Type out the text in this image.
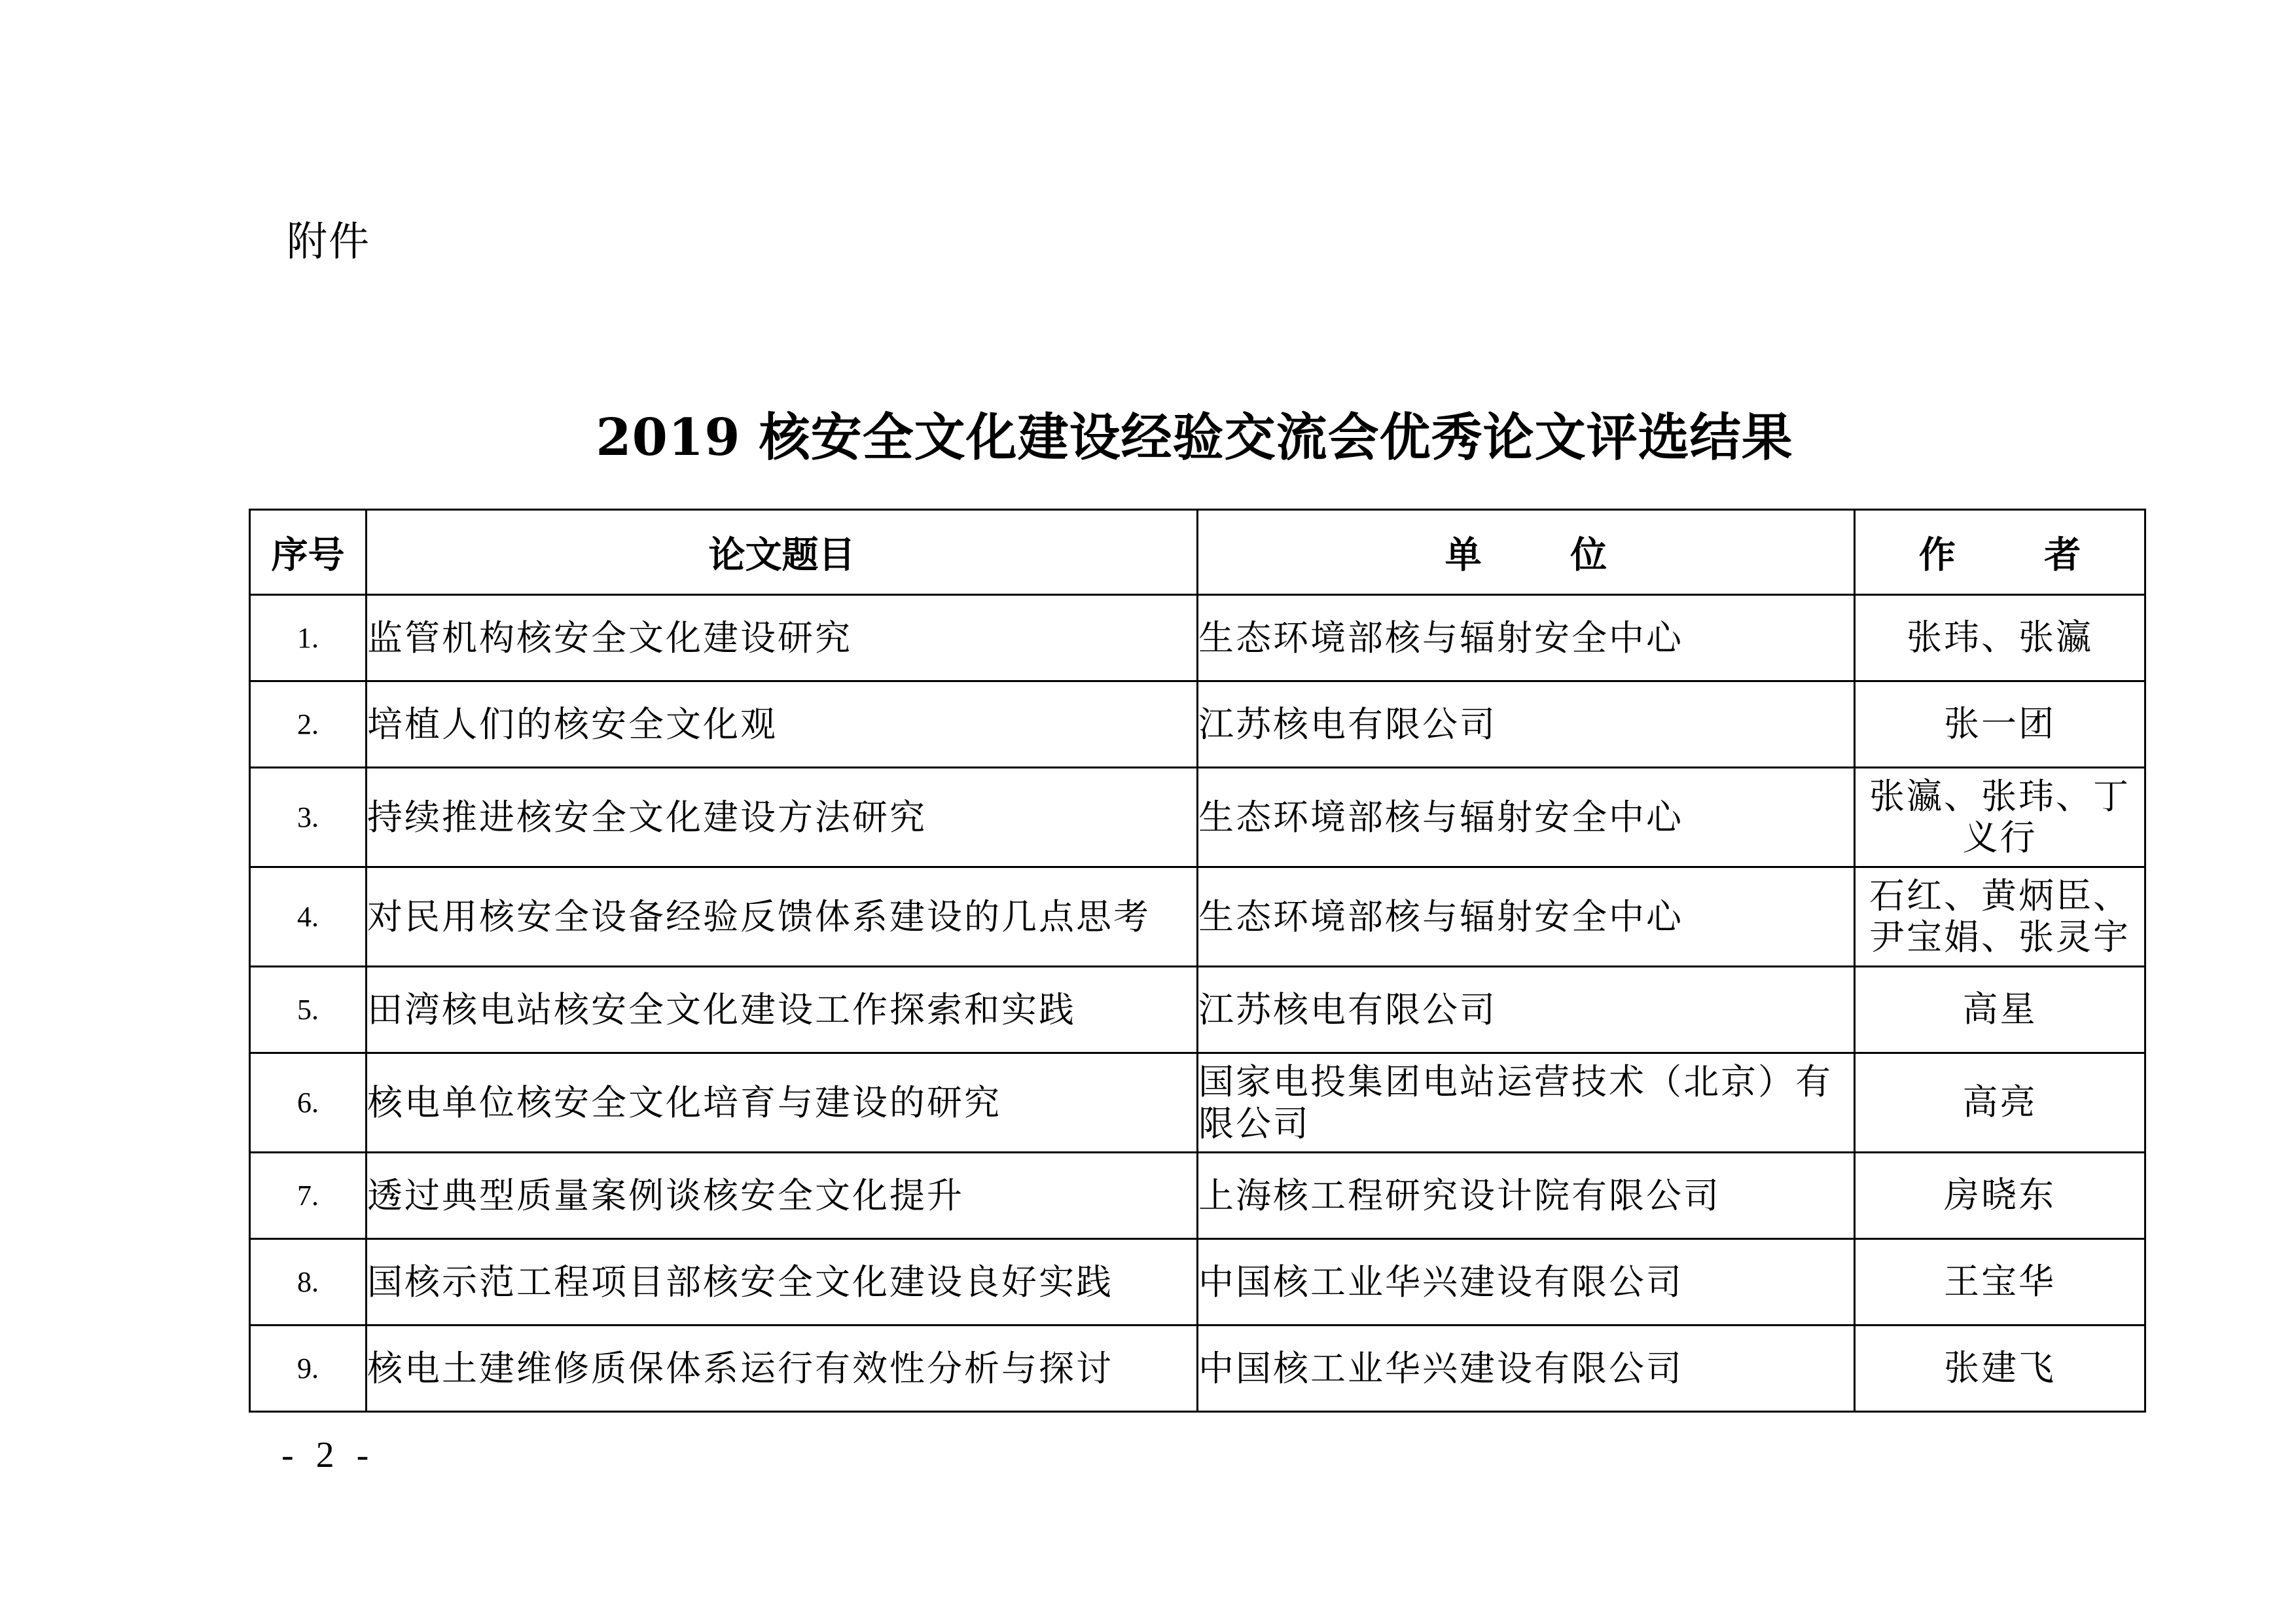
附件
2019 核安全文化建设经验交流会优秀论文评选结果
序号	论文题目	单 位	作 者
1.	监管机构核安全文化建设研究	生态环境部核与辐射安全中心	张玮、张瀛
2.	培植人们的核安全文化观	江苏核电有限公司	张一团
3.	持续推进核安全文化建设方法研究	生态环境部核与辐射安全中心	张瀛、张玮、丁义行
4.	对民用核安全设备经验反馈体系建设的几点思考	生态环境部核与辐射安全中心	石红、黄炳臣、尹宝娟、张灵宇
5.	田湾核电站核安全文化建设工作探索和实践	江苏核电有限公司	高星
6.	核电单位核安全文化培育与建设的研究	国家电投集团电站运营技术（北京）有限公司	高亮
7.	透过典型质量案例谈核安全文化提升	上海核工程研究设计院有限公司	房晓东
8.	国核示范工程项目部核安全文化建设良好实践	中国核工业华兴建设有限公司	王宝华
9.	核电土建维修质保体系运行有效性分析与探讨	中国核工业华兴建设有限公司	张建飞
- 2 -
